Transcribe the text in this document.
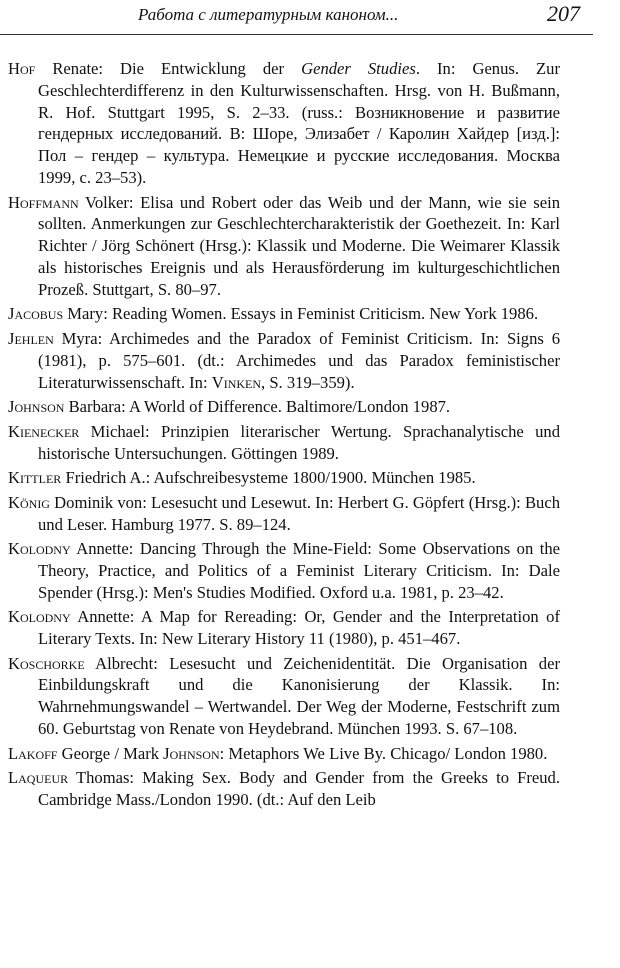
Работа с литературным каноном...	207

Hof Renate: Die Entwicklung der Gender Studies. In: Genus. Zur Geschlechterdifferenz in den Kulturwissenschaften. Hrsg. von H. Bußmann, R. Hof. Stuttgart 1995, S. 2–33. (russ.: Возникновение и развитие гендерных исследований. В: Шоре, Элизабет / Каролин Хайдер [изд.]: Пол – гендер – культура. Немецкие и русские исследования. Москва 1999, с. 23–53).

Hoffmann Volker: Elisa und Robert oder das Weib und der Mann, wie sie sein sollten. Anmerkungen zur Geschlechtercharakteristik der Goethezeit. In: Karl Richter / Jörg Schönert (Hrsg.): Klassik und Moderne. Die Weimarer Klassik als historisches Ereignis und als Herausförderung im kulturgeschichtlichen Prozeß. Stuttgart, S. 80–97.

Jacobus Mary: Reading Women. Essays in Feminist Criticism. New York 1986.

Jehlen Myra: Archimedes and the Paradox of Feminist Criticism. In: Signs 6 (1981), p. 575–601. (dt.: Archimedes und das Paradox feministischer Literaturwissenschaft. In: Vinken, S. 319–359).

Johnson Barbara: A World of Difference. Baltimore/London 1987.

Kienecker Michael: Prinzipien literarischer Wertung. Sprachanalytische und historische Untersuchungen. Göttingen 1989.

Kittler Friedrich A.: Aufschreibesysteme 1800/1900. München 1985.

König Dominik von: Lesesucht und Lesewut. In: Herbert G. Göpfert (Hrsg.): Buch und Leser. Hamburg 1977. S. 89–124.

Kolodny Annette: Dancing Through the Mine-Field: Some Observations on the Theory, Practice, and Politics of a Feminist Literary Criticism. In: Dale Spender (Hrsg.): Men's Studies Modified. Oxford u.a. 1981, p. 23–42.

Kolodny Annette: A Map for Rereading: Or, Gender and the Interpretation of Literary Texts. In: New Literary History 11 (1980), p. 451–467.

Koschorke Albrecht: Lesesucht und Zeichenidentität. Die Organisation der Einbildungskraft und die Kanonisierung der Klassik. In: Wahrnehmungswandel – Wertwandel. Der Weg der Moderne, Festschrift zum 60. Geburtstag von Renate von Heydebrand. München 1993. S. 67–108.

Lakoff George / Mark Johnson: Metaphors We Live By. Chicago/ London 1980.

Laqueur Thomas: Making Sex. Body and Gender from the Greeks to Freud. Cambridge Mass./London 1990. (dt.: Auf den Leib
